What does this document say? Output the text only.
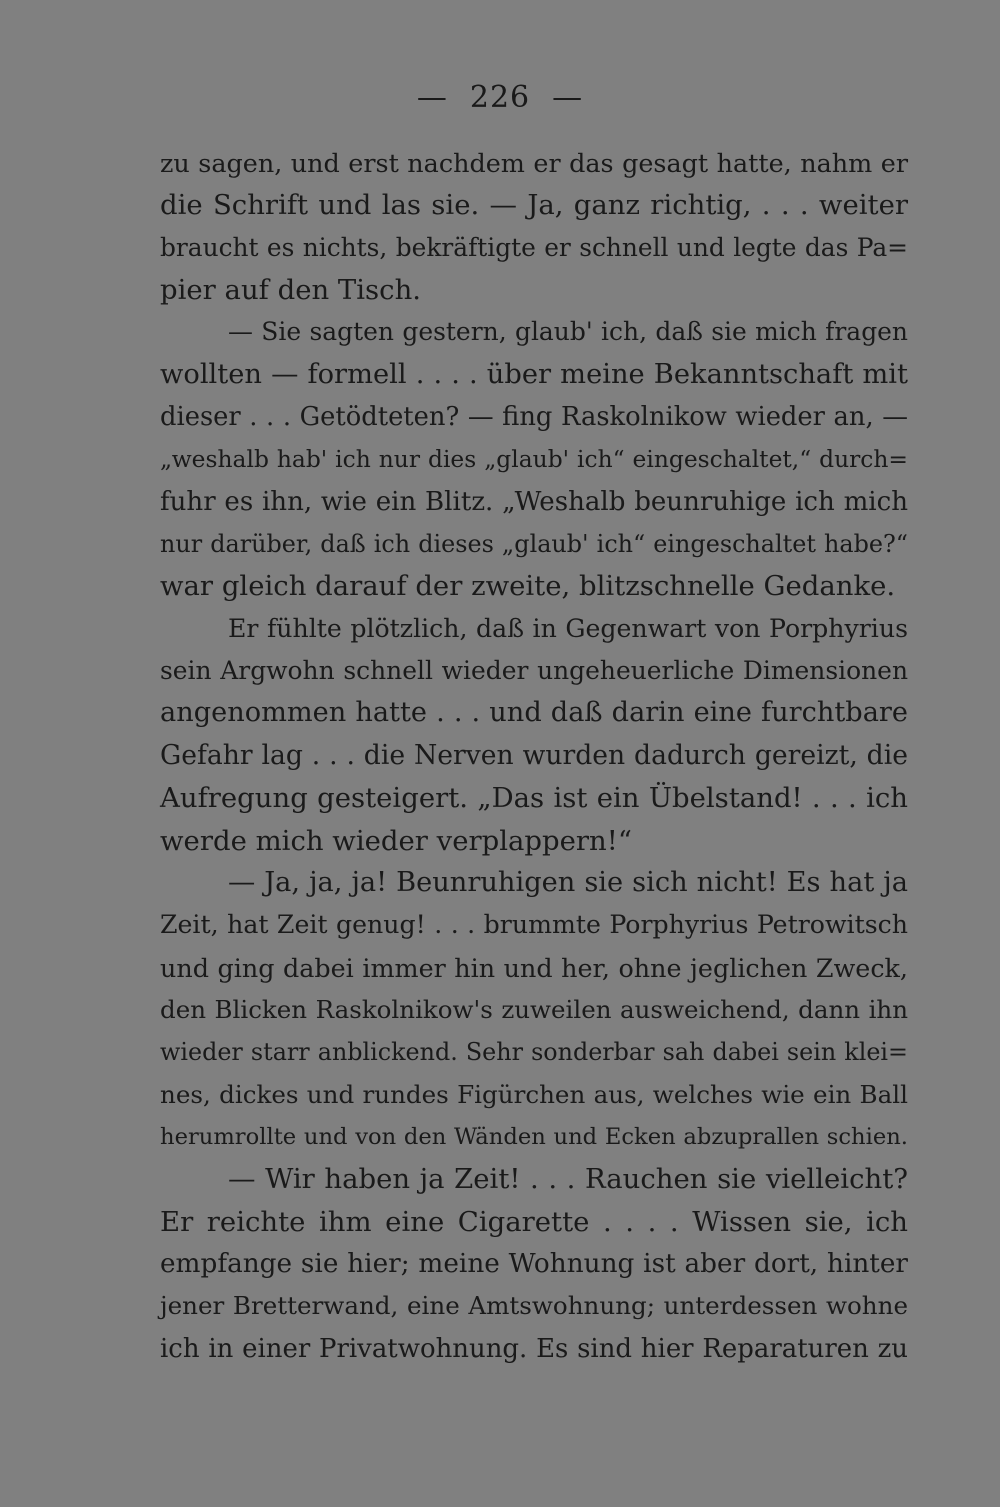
— 226 —
zu sagen, und erst nachdem er das gesagt hatte, nahm er
die Schrift und las sie. — Ja, ganz richtig, . . . weiter
braucht es nichts, bekräftigte er schnell und legte das Pa=
pier auf den Tisch.
— Sie sagten gestern, glaub' ich, daß sie mich fragen
wollten — formell . . . . über meine Bekanntschaft mit
dieser . . . Getödteten? — fing Raskolnikow wieder an, —
„weshalb hab' ich nur dies „glaub' ich“ eingeschaltet,“ durch=
fuhr es ihn, wie ein Blitz. „Weshalb beunruhige ich mich
nur darüber, daß ich dieses „glaub' ich“ eingeschaltet habe?“
war gleich darauf der zweite, blitzschnelle Gedanke.
Er fühlte plötzlich, daß in Gegenwart von Porphyrius
sein Argwohn schnell wieder ungeheuerliche Dimensionen
angenommen hatte . . . und daß darin eine furchtbare
Gefahr lag . . . die Nerven wurden dadurch gereizt, die
Aufregung gesteigert. „Das ist ein Übelstand! . . . ich
werde mich wieder verplappern!“
— Ja, ja, ja! Beunruhigen sie sich nicht! Es hat ja
Zeit, hat Zeit genug! . . . brummte Porphyrius Petrowitsch
und ging dabei immer hin und her, ohne jeglichen Zweck,
den Blicken Raskolnikow's zuweilen ausweichend, dann ihn
wieder starr anblickend. Sehr sonderbar sah dabei sein klei=
nes, dickes und rundes Figürchen aus, welches wie ein Ball
herumrollte und von den Wänden und Ecken abzuprallen schien.
— Wir haben ja Zeit! . . . Rauchen sie vielleicht?
Er reichte ihm eine Cigarette . . . . Wissen sie, ich
empfange sie hier; meine Wohnung ist aber dort, hinter
jener Bretterwand, eine Amtswohnung; unterdessen wohne
ich in einer Privatwohnung. Es sind hier Reparaturen zu
